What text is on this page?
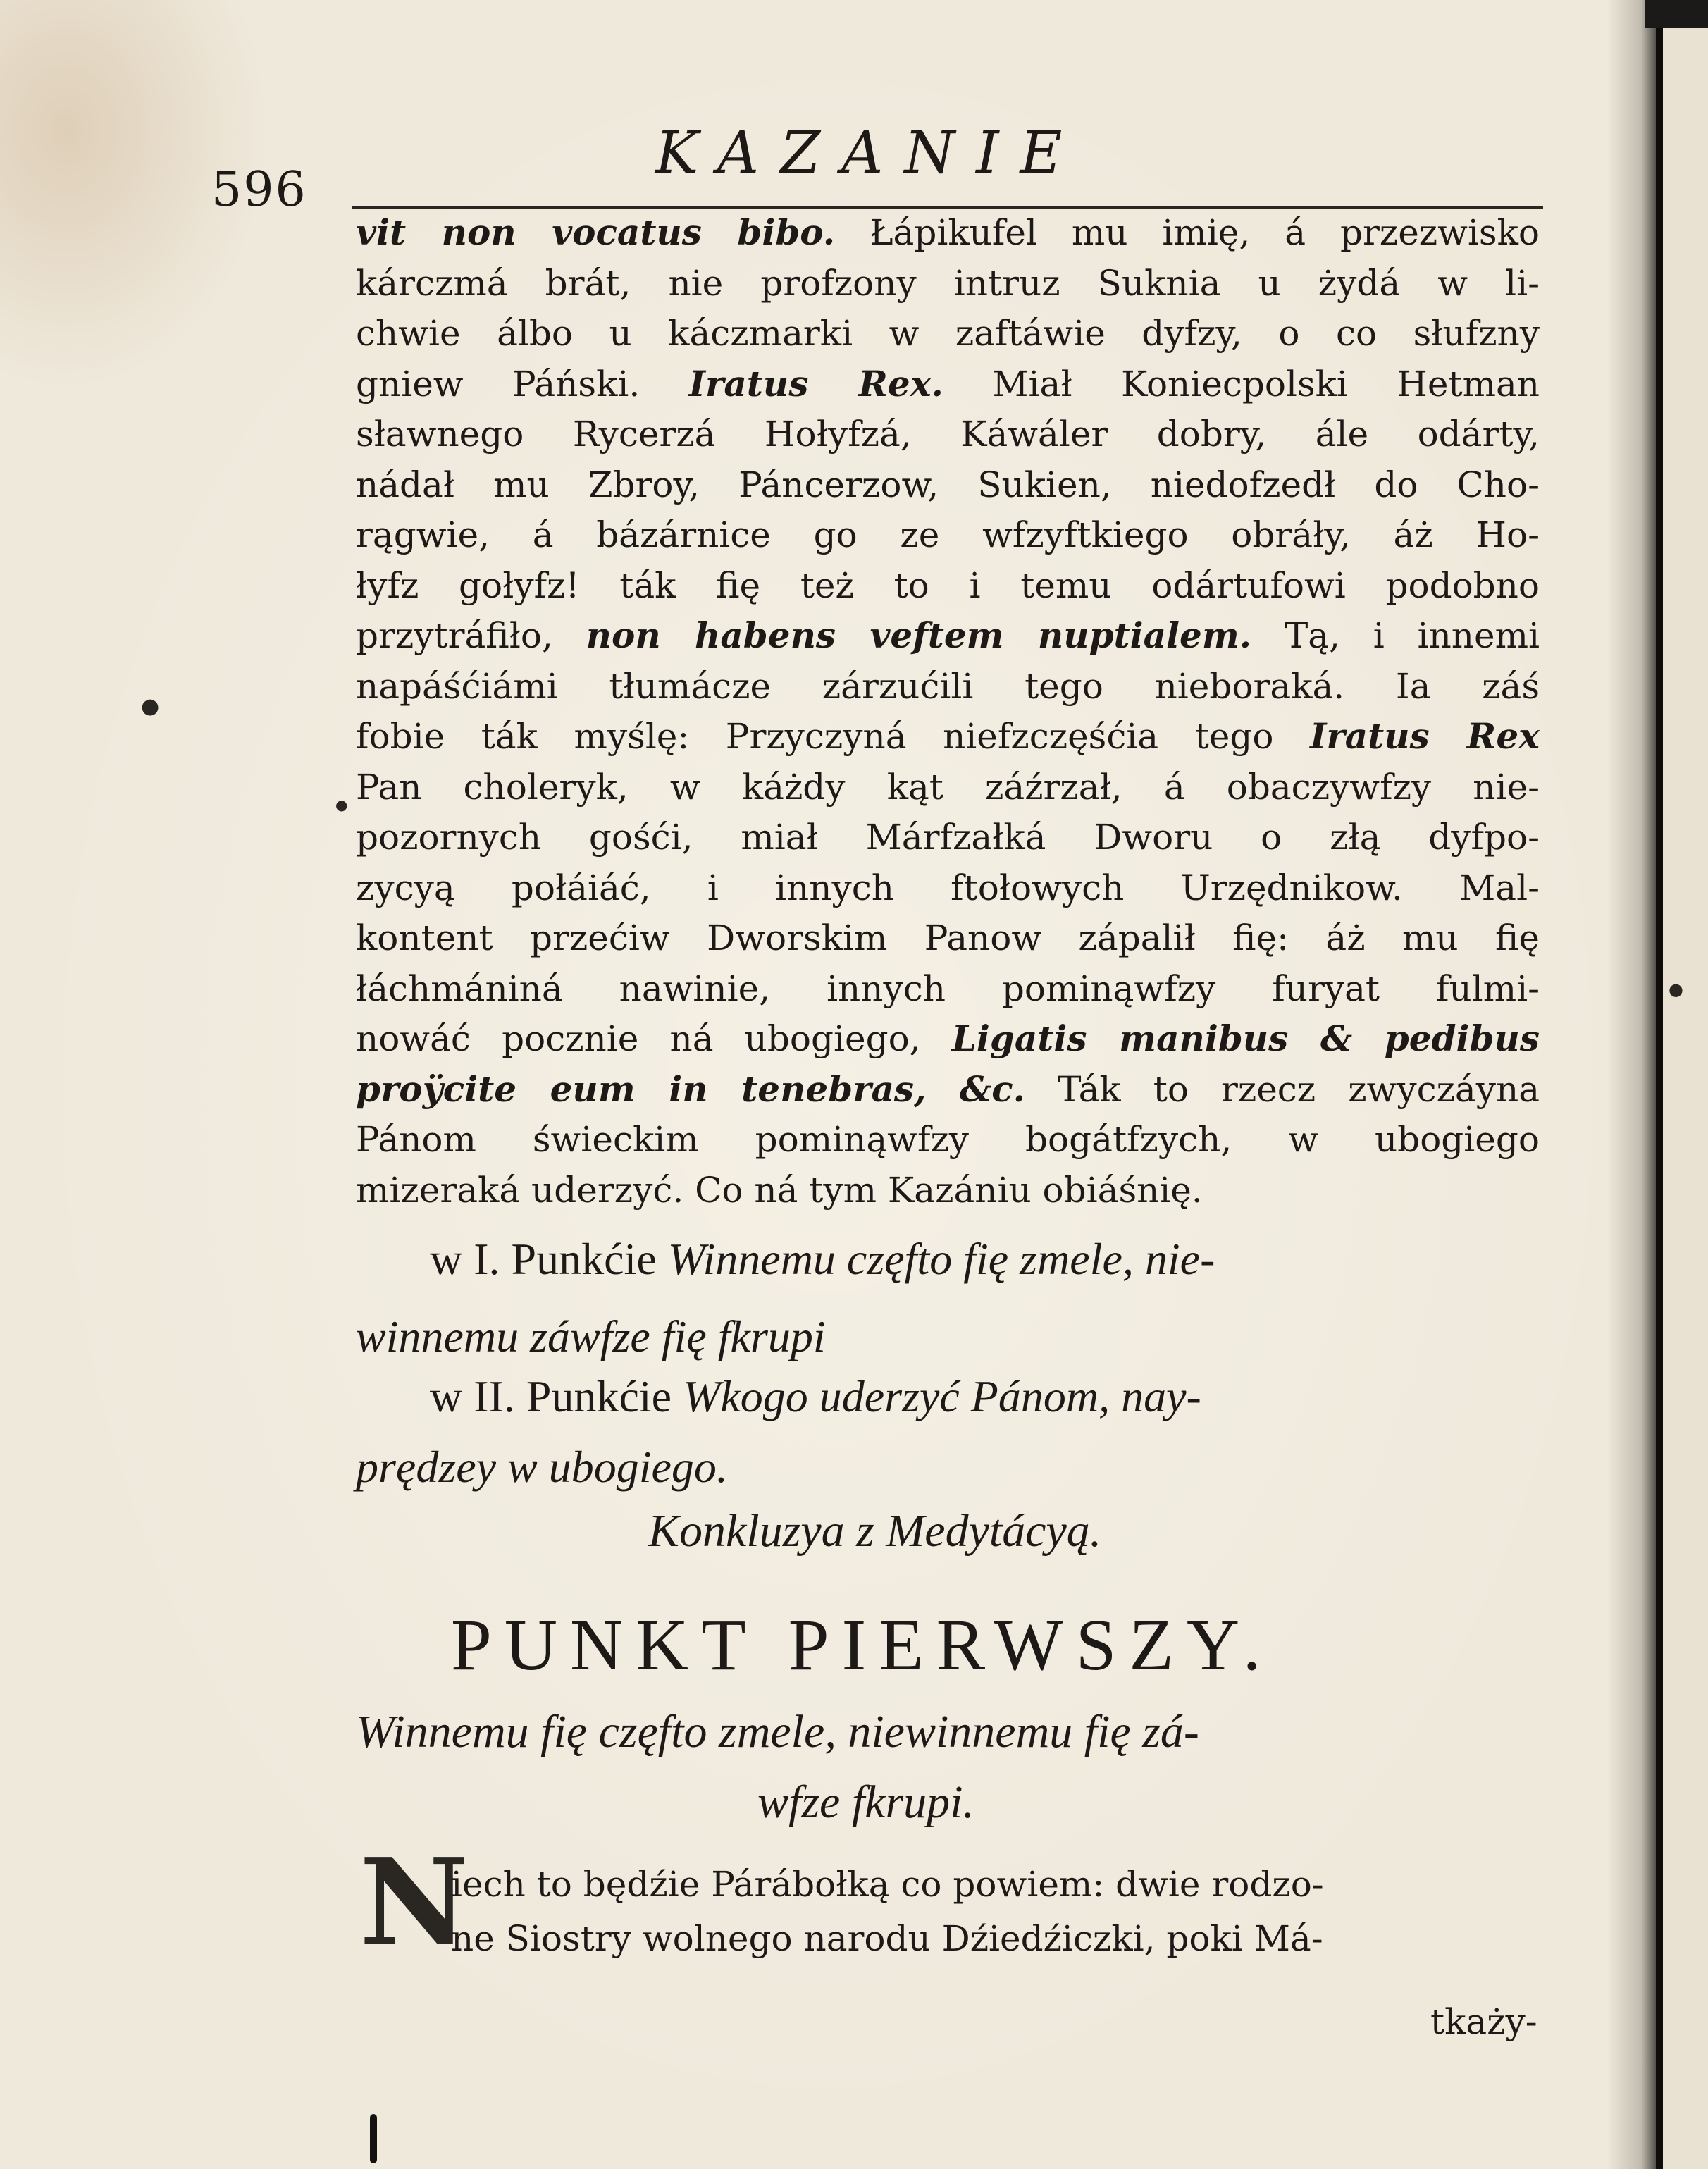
596
KAZANIE
vit non vocatus bibo. Łápikufel mu imię, á przezwisko
kárczmá brát, nie profzony intruz Suknia u żydá w li-
chwie álbo u káczmarki w zaftáwie dyfzy, o co słufzny
gniew Páński. Iratus Rex. Miał Koniecpolski Hetman
sławnego Rycerzá Hołyfzá, Káwáler dobry, ále odárty,
nádał mu Zbroy, Páncerzow, Sukien, niedofzedł do Cho-
rągwie, á bázárnice go ze wfzyftkiego obráły, áż Ho-
łyfz gołyfz! ták fię też to i temu odártufowi podobno
przytráfiło, non habens veftem nuptialem. Tą, i innemi
napáśćiámi tłumácze zárzućili tego nieboraká. Ia záś
fobie ták myślę: Przyczyná niefzczęśćia tego Iratus Rex
Pan choleryk, w káżdy kąt záźrzał, á obaczywfzy nie-
pozornych gośći, miał Márfzałká Dworu o złą dyfpo-
zycyą połáiáć, i innych ftołowych Urzędnikow. Mal-
kontent przećiw Dworskim Panow zápalił fię: áż mu fię
łáchmániná nawinie, innych pominąwfzy furyat fulmi-
nowáć pocznie ná ubogiego, Ligatis manibus & pedibus
proÿcite eum in tenebras, &c. Ták to rzecz zwyczáyna
Pánom świeckim pominąwfzy bogátfzych, w ubogiego
mizeraká uderzyć. Co ná tym Kazániu obiáśnię.
w I. Punkćie Winnemu częfto fię zmele, nie-
winnemu záwfze fię fkrupi
w II. Punkćie Wkogo uderzyć Pánom, nay-
prędzey w ubogiego.
Konkluzya z Medytácyą.
PUNKT PIERWSZY.
Winnemu fię częfto zmele, niewinnemu fię zá-
wfze fkrupi.
N
iech to będźie Párábołką co powiem: dwie rodzo-
ne Siostry wolnego narodu Dźiedźiczki, poki Má-
tkaży-
●
●
●
